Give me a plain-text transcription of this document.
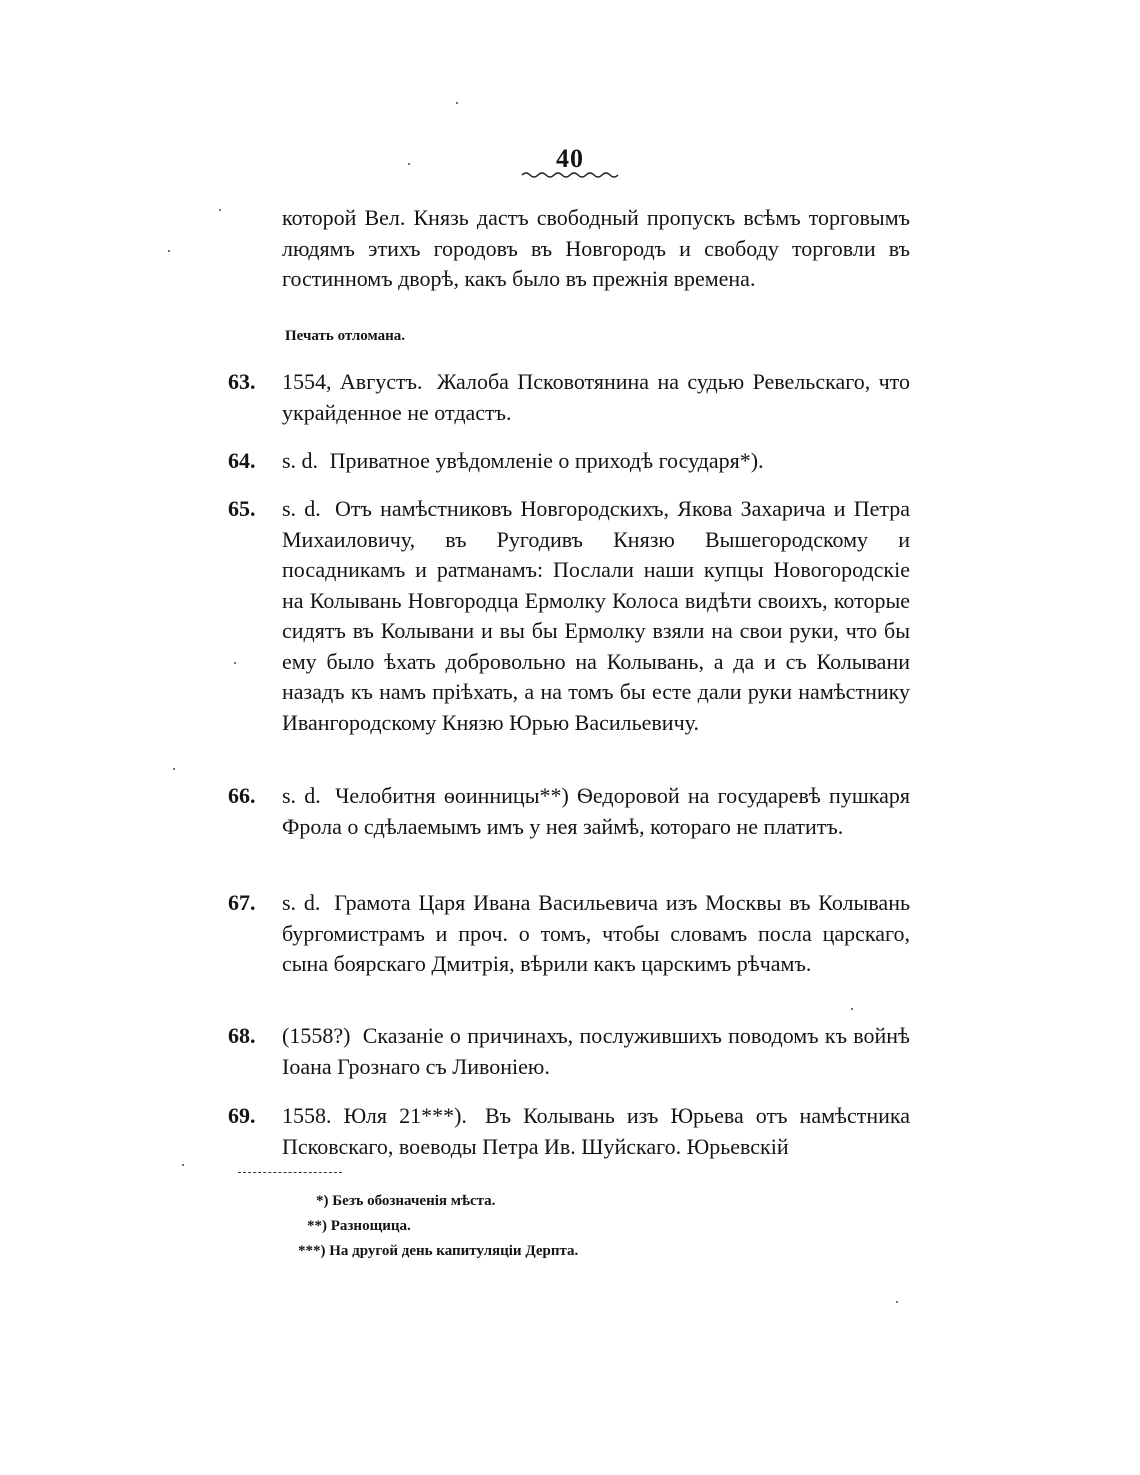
40
которой Вел. Князь дастъ свободный пропускъ всѣмъ торговымъ людямъ этихъ городовъ въ Новгородъ и свободу торговли въ гостинномъ дворѣ, какъ было въ прежнія времена.
Печать отломана.
63.	1554, Августъ. Жалоба Псковотянина на судью Ревельскаго, что украйденное не отдастъ.
64.	s. d. Приватное увѣдомленіе о приходѣ государя*).
65.	s. d. Отъ намѣстниковъ Новгородскихъ, Якова Захарича и Петра Михаиловичу, въ Ругодивъ Князю Вышегородскому и посадникамъ и ратманамъ: Послали наши купцы Новогородскіе на Колывань Новгородца Ермолку Колоса видѣти своихъ, которые сидятъ въ Колывани и вы бы Ермолку взяли на свои руки, что бы ему было ѣхать добровольно на Колывань, а да и съ Колывани назадъ къ намъ пріѣхать, а на томъ бы есте дали руки намѣстнику Ивангородскому Князю Юрью Васильевичу.
66.	s. d. Челобитня ѳоинницы**) Ѳедоровой на государевѣ пушкаря Фрола о сдѣлаемымъ имъ у нея займѣ, котораго не платитъ.
67.	s. d. Грамота Царя Ивана Васильевича изъ Москвы въ Колывань бургомистрамъ и проч. о томъ, чтобы словамъ посла царскаго, сына боярскаго Дмитрія, вѣрили какъ царскимъ рѣчамъ.
68.	(1558?) Сказаніе о причинахъ, послужившихъ поводомъ къ войнѣ Іоана Грознаго съ Ливоніею.
69.	1558. Юля 21***). Въ Колывань изъ Юрьева отъ намѣстника Псковскаго, воеводы Петра Ив. Шуйскаго. Юрьевскій
*) Безъ обозначенія мѣста.
**) Разнощица.
***) На другой день капитуляціи Дерпта.
